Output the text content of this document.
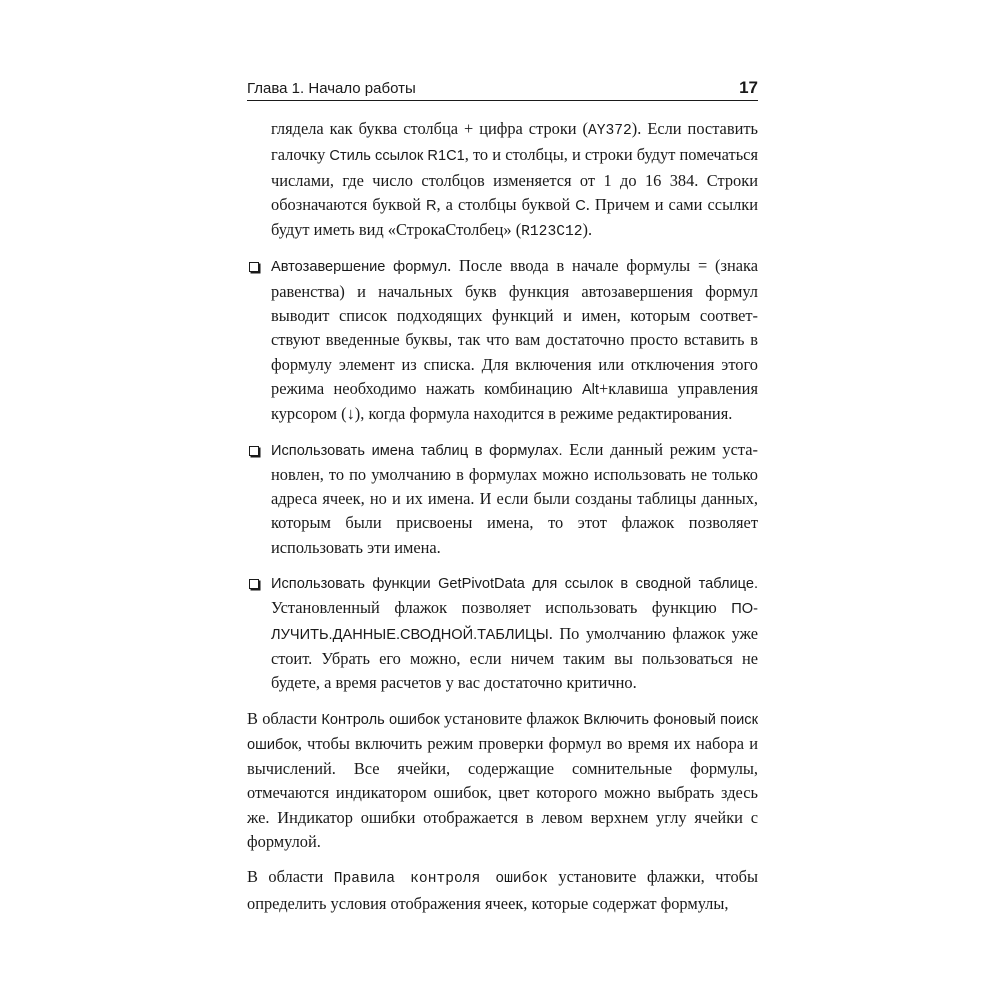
Глава 1. Начало работы	17

глядела как буква столбца + цифра строки (AY372). Если поставить галочку Стиль ссылок R1C1, то и столбцы, и строки будут помечаться числами, где число столбцов изменяется от 1 до 16 384. Строки обозначаются буквой R, а столбцы буквой C. Причем и сами ссылки будут иметь вид «СтрокаСтолбец» (R123C12).

Автозавершение формул. После ввода в начале формулы = (знака равенства) и начальных букв функция автозавершения формул выводит список подходящих функций и имен, которым соответствуют введенные буквы, так что вам достаточно просто вставить в формулу элемент из списка. Для включения или отключения этого режима необходимо нажать комбинацию Alt+клавиша управления курсором (↓), когда формула находится в режиме редактирования.

Использовать имена таблиц в формулах. Если данный режим установлен, то по умолчанию в формулах можно использовать не только адреса ячеек, но и их имена. И если были созданы таблицы данных, которым были присвоены имена, то этот флажок позволяет использовать эти имена.

Использовать функции GetPivotData для ссылок в сводной таблице. Установленный флажок позволяет использовать функцию ПОЛУЧИТЬ.ДАННЫЕ.СВОДНОЙ.ТАБЛИЦЫ. По умолчанию флажок уже стоит. Убрать его можно, если ничем таким вы пользоваться не будете, а время расчетов у вас достаточно критично.

В области Контроль ошибок установите флажок Включить фоновый поиск ошибок, чтобы включить режим проверки формул во время их набора и вычислений. Все ячейки, содержащие сомнительные формулы, отмечаются индикатором ошибок, цвет которого можно выбрать здесь же. Индикатор ошибки отображается в левом верхнем углу ячейки с формулой.

В области Правила контроля ошибок установите флажки, чтобы определить условия отображения ячеек, которые содержат формулы,
